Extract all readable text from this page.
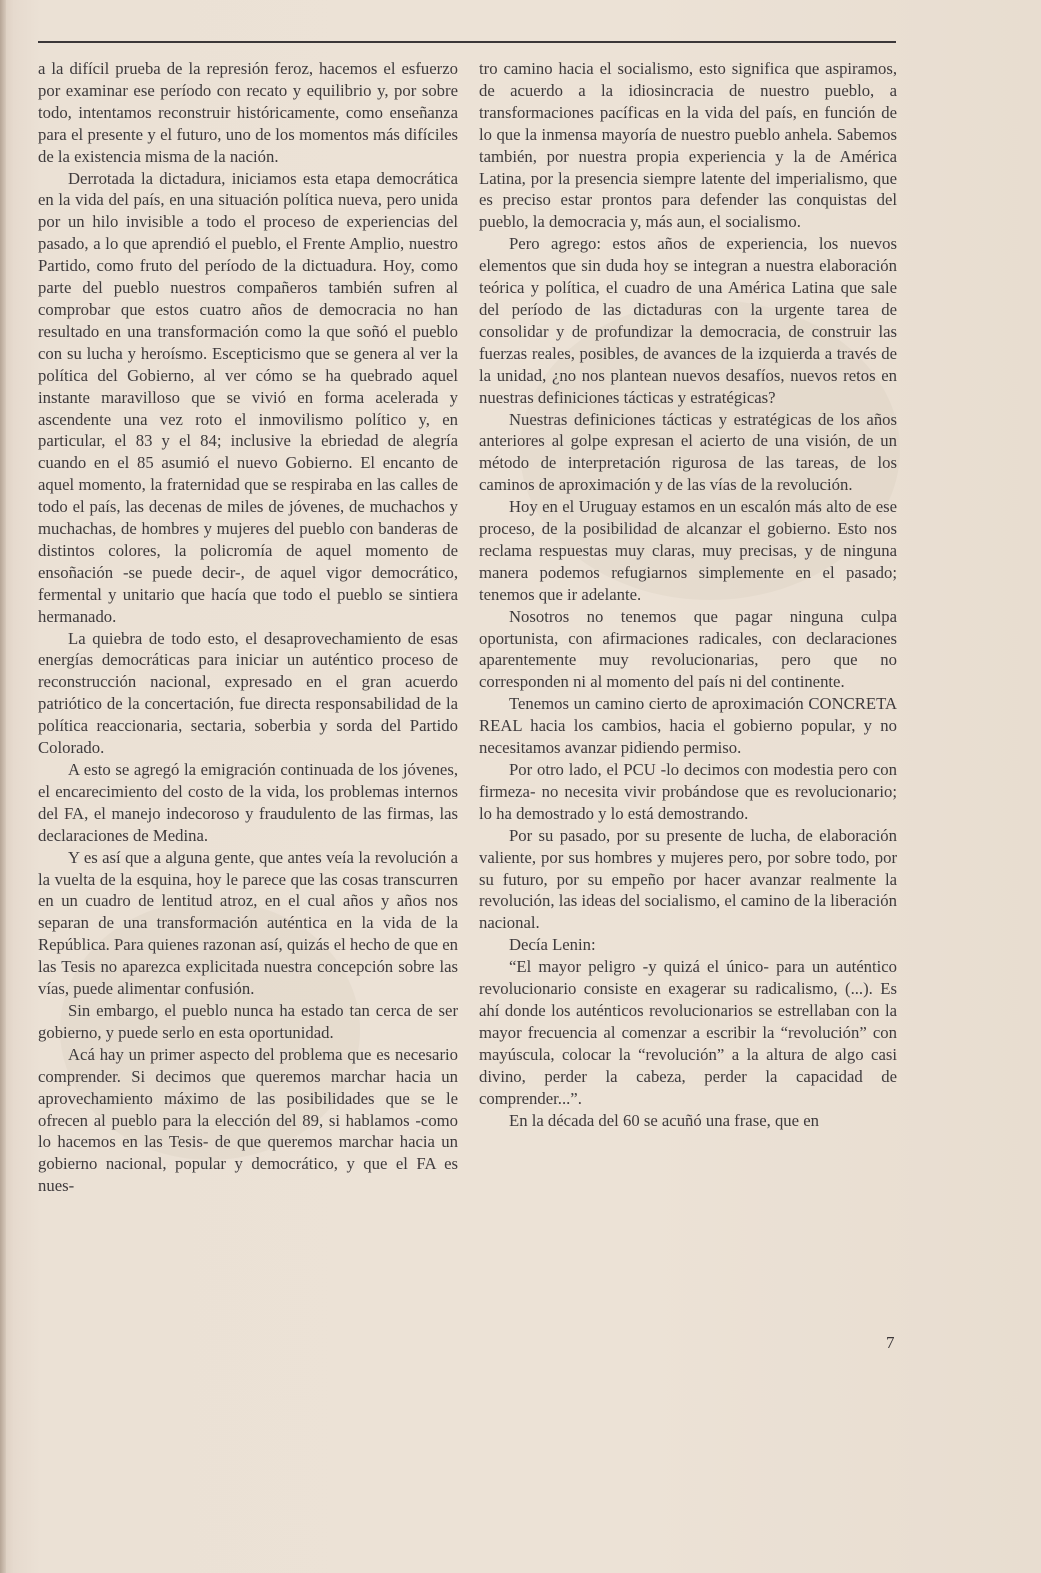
a la difícil prueba de la represión feroz, hacemos el esfuerzo por examinar ese período con recato y equilibrio y, por sobre todo, intentamos reconstruir históricamente, como enseñanza para el presente y el futuro, uno de los momentos más difíciles de la existencia misma de la nación.

Derrotada la dictadura, iniciamos esta etapa democrática en la vida del país, en una situación política nueva, pero unida por un hilo invisible a todo el proceso de experiencias del pasado, a lo que aprendió el pueblo, el Frente Amplio, nuestro Partido, como fruto del período de la dictuadura. Hoy, como parte del pueblo nuestros compañeros también sufren al comprobar que estos cuatro años de democracia no han resultado en una transformación como la que soñó el pueblo con su lucha y heroísmo. Escepticismo que se genera al ver la política del Gobierno, al ver cómo se ha quebrado aquel instante maravilloso que se vivió en forma acelerada y ascendente una vez roto el inmovilismo político y, en particular, el 83 y el 84; inclusive la ebriedad de alegría cuando en el 85 asumió el nuevo Gobierno. El encanto de aquel momento, la fraternidad que se respiraba en las calles de todo el país, las decenas de miles de jóvenes, de muchachos y muchachas, de hombres y mujeres del pueblo con banderas de distintos colores, la policromía de aquel momento de ensoñación -se puede decir-, de aquel vigor democrático, fermental y unitario que hacía que todo el pueblo se sintiera hermanado.

La quiebra de todo esto, el desaprovechamiento de esas energías democráticas para iniciar un auténtico proceso de reconstrucción nacional, expresado en el gran acuerdo patriótico de la concertación, fue directa responsabilidad de la política reaccionaria, sectaria, soberbia y sorda del Partido Colorado.

A esto se agregó la emigración continuada de los jóvenes, el encarecimiento del costo de la vida, los problemas internos del FA, el manejo indecoroso y fraudulento de las firmas, las declaraciones de Medina.

Y es así que a alguna gente, que antes veía la revolución a la vuelta de la esquina, hoy le parece que las cosas transcurren en un cuadro de lentitud atroz, en el cual años y años nos separan de una transformación auténtica en la vida de la República. Para quienes razonan así, quizás el hecho de que en las Tesis no aparezca explicitada nuestra concepción sobre las vías, puede alimentar confusión.

Sin embargo, el pueblo nunca ha estado tan cerca de ser gobierno, y puede serlo en esta oportunidad.

Acá hay un primer aspecto del problema que es necesario comprender. Si decimos que queremos marchar hacia un aprovechamiento máximo de las posibilidades que se le ofrecen al pueblo para la elección del 89, si hablamos -como lo hacemos en las Tesis- de que queremos marchar hacia un gobierno nacional, popular y democrático, y que el FA es nues-

tro camino hacia el socialismo, esto significa que aspiramos, de acuerdo a la idiosincracia de nuestro pueblo, a transformaciones pacíficas en la vida del país, en función de lo que la inmensa mayoría de nuestro pueblo anhela. Sabemos también, por nuestra propia experiencia y la de América Latina, por la presencia siempre latente del imperialismo, que es preciso estar prontos para defender las conquistas del pueblo, la democracia y, más aun, el socialismo.

Pero agrego: estos años de experiencia, los nuevos elementos que sin duda hoy se integran a nuestra elaboración teórica y política, el cuadro de una América Latina que sale del período de las dictaduras con la urgente tarea de consolidar y de profundizar la democracia, de construir las fuerzas reales, posibles, de avances de la izquierda a través de la unidad, ¿no nos plantean nuevos desafíos, nuevos retos en nuestras definiciones tácticas y estratégicas?

Nuestras definiciones tácticas y estratégicas de los años anteriores al golpe expresan el acierto de una visión, de un método de interpretación rigurosa de las tareas, de los caminos de aproximación y de las vías de la revolución.

Hoy en el Uruguay estamos en un escalón más alto de ese proceso, de la posibilidad de alcanzar el gobierno. Esto nos reclama respuestas muy claras, muy precisas, y de ninguna manera podemos refugiarnos simplemente en el pasado; tenemos que ir adelante.

Nosotros no tenemos que pagar ninguna culpa oportunista, con afirmaciones radicales, con declaraciones aparentemente muy revolucionarias, pero que no corresponden ni al momento del país ni del continente.

Tenemos un camino cierto de aproximación CONCRETA REAL hacia los cambios, hacia el gobierno popular, y no necesitamos avanzar pidiendo permiso.

Por otro lado, el PCU -lo decimos con modestia pero con firmeza- no necesita vivir probándose que es revolucionario; lo ha demostrado y lo está demostrando.

Por su pasado, por su presente de lucha, de elaboración valiente, por sus hombres y mujeres pero, por sobre todo, por su futuro, por su empeño por hacer avanzar realmente la revolución, las ideas del socialismo, el camino de la liberación nacional.

Decía Lenin:

“El mayor peligro -y quizá el único- para un auténtico revolucionario consiste en exagerar su radicalismo, (...). Es ahí donde los auténticos revolucionarios se estrellaban con la mayor frecuencia al comenzar a escribir la “revolución” con mayúscula, colocar la “revolución” a la altura de algo casi divino, perder la cabeza, perder la capacidad de comprender...”.

En la década del 60 se acuñó una frase, que en

7
